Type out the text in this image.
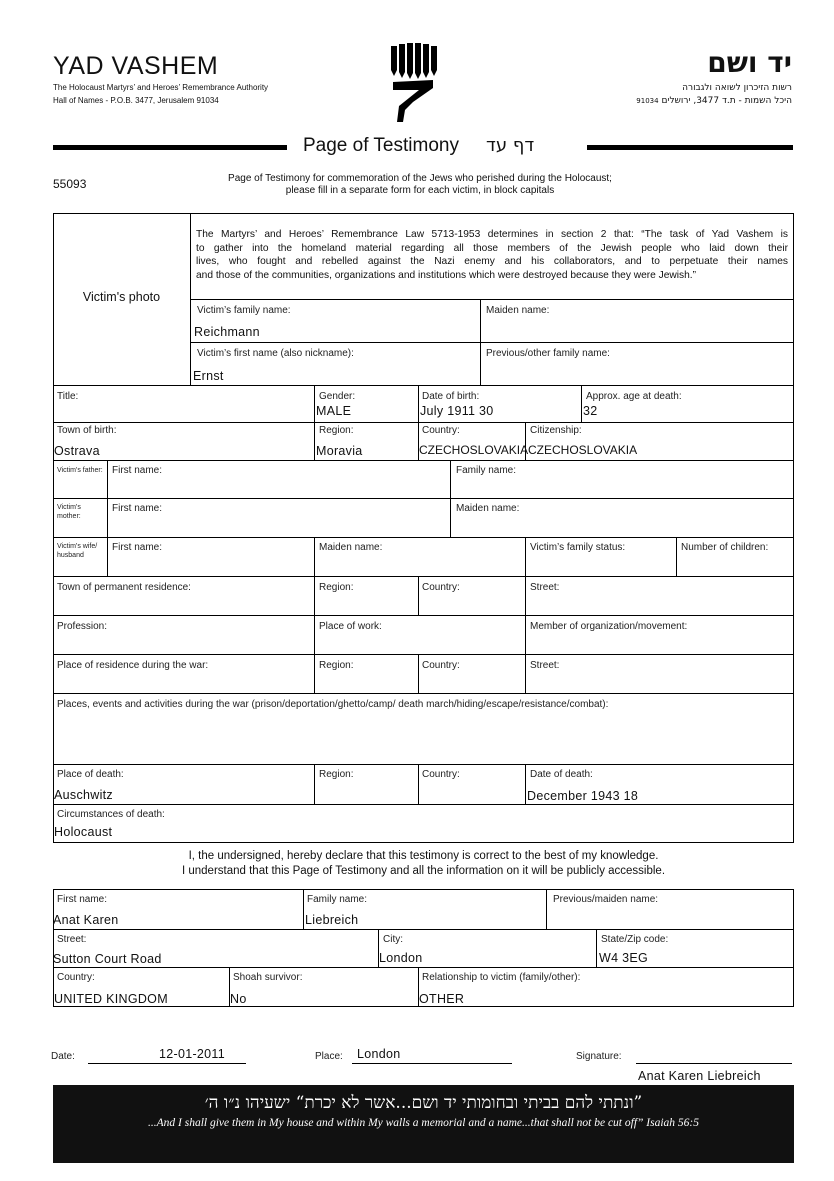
YAD VASHEM
The Holocaust Martyrs’ and Heroes’ Remembrance Authority
Hall of Names - P.O.B. 3477, Jerusalem 91034
יד ושם
רשות הזיכרון לשואה ולגבורה
היכל השמות - ת.ד 3477, ירושלים 91034
Page of Testimony דף עד
55093	Page of Testimony for commemoration of the Jews who perished during the Holocaust;
please fill in a separate form for each victim, in block capitals
Victim's photo
The Martyrs’ and Heroes’ Remembrance Law 5713-1953 determines in section 2 that: “The task of Yad Vashem is
to gather into the homeland material regarding all those members of the Jewish people who laid down their
lives, who fought and rebelled against the Nazi enemy and his collaborators, and to perpetuate their names
and those of the communities, organizations and institutions which were destroyed because they were Jewish.”
Victim’s family name:
Reichmann
Maiden name:
Victim’s first name (also nickname):
Ernst
Previous/other family name:
Title:	Gender:
MALE
Date of birth:
July 1911 30
Approx. age at death:
32
Town of birth:
Ostrava
Region:
Moravia
Country:
CZECHOSLOVAKIA
Citizenship:
CZECHOSLOVAKIA
Victim’s father: First name:	Family name:
Victim’s mother:
First name:	Maiden name:
Victim’s wife/ husband
First name:	Maiden name:	Victim’s family status:	Number of children:
Town of permanent residence:	Region:	Country:	Street:
Profession:	Place of work:	Member of organization/movement:
Place of residence during the war:	Region:	Country:	Street:
Places, events and activities during the war (prison/deportation/ghetto/camp/ death march/hiding/escape/resistance/combat):
Place of death:
Auschwitz
Region:	Country:	Date of death:
December 1943 18
Circumstances of death:
Holocaust
I, the undersigned, hereby declare that this testimony is correct to the best of my knowledge.
I understand that this Page of Testimony and all the information on it will be publicly accessible.
First name:
Anat Karen
Family name:
Liebreich
Previous/maiden name:
Street:
Sutton Court Road
City:
London
State/Zip code:
W4 3EG
Country:
UNITED KINGDOM
Shoah survivor:
No
Relationship to victim (family/other):
OTHER
Date:	12-01-2011	Place: London	Signature:
Anat Karen Liebreich
”ונתתי להם בביתי ובחומותי יד ושם...אשר לא יכרת“ ישעיהו נ״ו ה׳
...And I shall give them in My house and within My walls a memorial and a name...that shall not be cut off” Isaiah 56:5
